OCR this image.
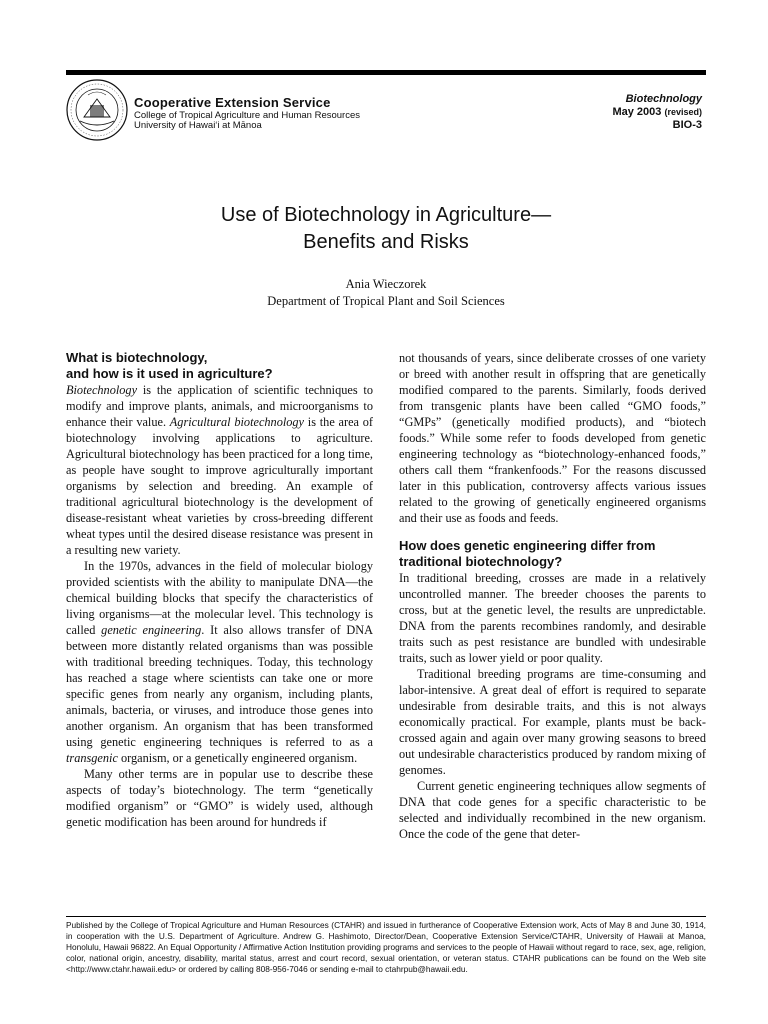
Cooperative Extension Service
College of Tropical Agriculture and Human Resources
University of Hawai‘i at Mānoa
Biotechnology
May 2003 (revised)
BIO-3
Use of Biotechnology in Agriculture—
Benefits and Risks
Ania Wieczorek
Department of Tropical Plant and Soil Sciences
What is biotechnology,
and how is it used in agriculture?

Biotechnology is the application of scientific techniques to modify and improve plants, animals, and microorganisms to enhance their value. Agricultural biotechnology is the area of biotechnology involving applications to agriculture. Agricultural biotechnology has been practiced for a long time, as people have sought to improve agriculturally important organisms by selection and breeding. An example of traditional agricultural biotechnology is the development of disease-resistant wheat varieties by cross-breeding different wheat types until the desired disease resistance was present in a resulting new variety.

In the 1970s, advances in the field of molecular biology provided scientists with the ability to manipulate DNA—the chemical building blocks that specify the characteristics of living organisms—at the molecular level. This technology is called genetic engineering. It also allows transfer of DNA between more distantly related organisms than was possible with traditional breeding techniques. Today, this technology has reached a stage where scientists can take one or more specific genes from nearly any organism, including plants, animals, bacteria, or viruses, and introduce those genes into another organism. An organism that has been transformed using genetic engineering techniques is referred to as a transgenic organism, or a genetically engineered organism.

Many other terms are in popular use to describe these aspects of today’s biotechnology. The term “genetically modified organism” or “GMO” is widely used, although genetic modification has been around for hundreds if

not thousands of years, since deliberate crosses of one variety or breed with another result in offspring that are genetically modified compared to the parents. Similarly, foods derived from transgenic plants have been called “GMO foods,” “GMPs” (genetically modified products), and “biotech foods.” While some refer to foods developed from genetic engineering technology as “biotechnology-enhanced foods,” others call them “frankenfoods.” For the reasons discussed later in this publication, controversy affects various issues related to the growing of genetically engineered organisms and their use as foods and feeds.

How does genetic engineering differ from
traditional biotechnology?

In traditional breeding, crosses are made in a relatively uncontrolled manner. The breeder chooses the parents to cross, but at the genetic level, the results are unpredictable. DNA from the parents recombines randomly, and desirable traits such as pest resistance are bundled with undesirable traits, such as lower yield or poor quality.

Traditional breeding programs are time-consuming and labor-intensive. A great deal of effort is required to separate undesirable from desirable traits, and this is not always economically practical. For example, plants must be back-crossed again and again over many growing seasons to breed out undesirable characteristics produced by random mixing of genomes.

Current genetic engineering techniques allow segments of DNA that code genes for a specific characteristic to be selected and individually recombined in the new organism. Once the code of the gene that deter-

Published by the College of Tropical Agriculture and Human Resources (CTAHR) and issued in furtherance of Cooperative Extension work, Acts of May 8 and June 30, 1914, in cooperation with the U.S. Department of Agriculture. Andrew G. Hashimoto, Director/Dean, Cooperative Extension Service/CTAHR, University of Hawaii at Manoa, Honolulu, Hawaii 96822. An Equal Opportunity / Affirmative Action Institution providing programs and services to the people of Hawaii without regard to race, sex, age, religion, color, national origin, ancestry, disability, marital status, arrest and court record, sexual orientation, or veteran status. CTAHR publications can be found on the Web site <http://www.ctahr.hawaii.edu> or ordered by calling 808-956-7046 or sending e-mail to ctahrpub@hawaii.edu.
